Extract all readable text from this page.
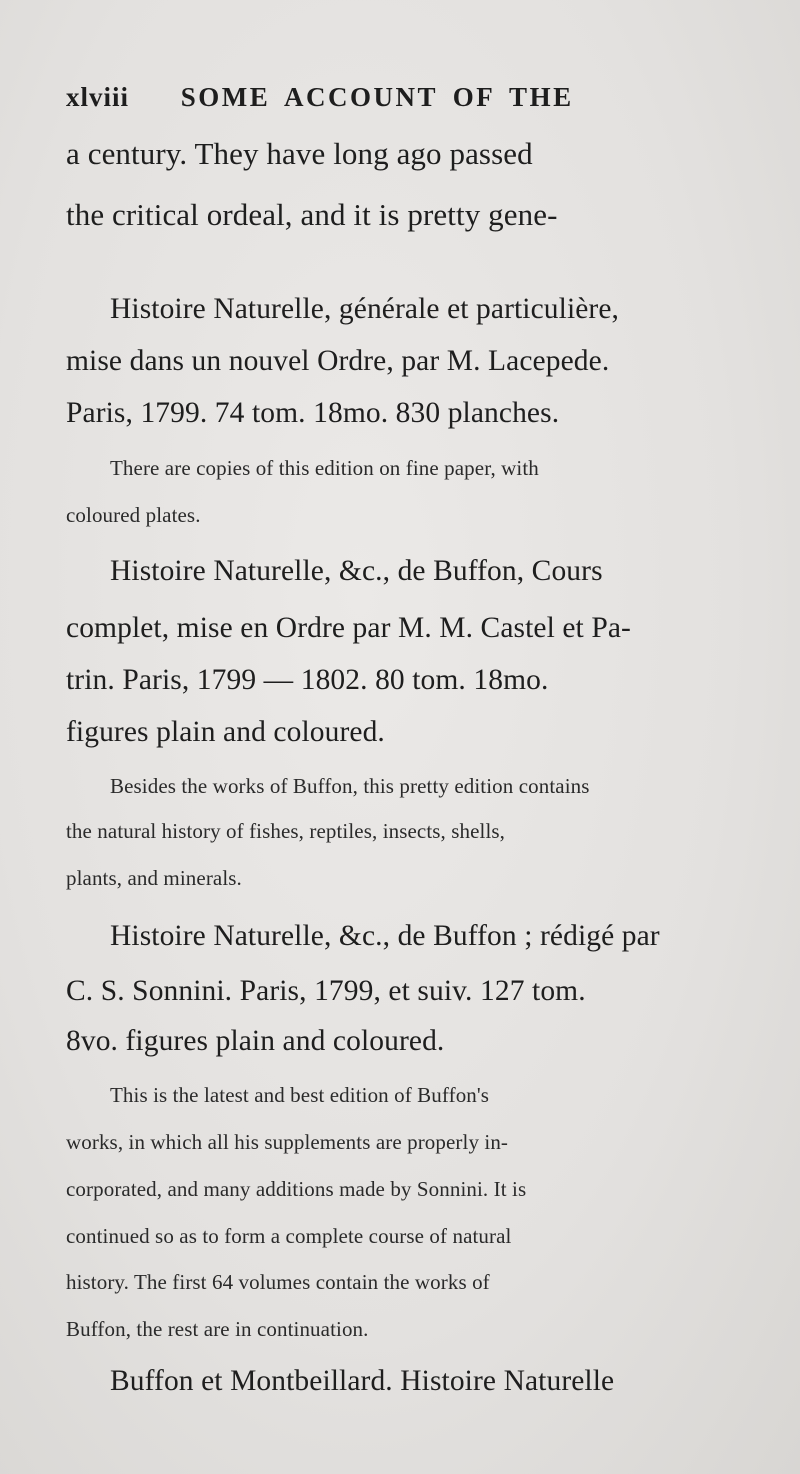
xlviii SOME ACCOUNT OF THE

a century. They have long ago passed

the critical ordeal, and it is pretty gene-

Histoire Naturelle, générale et particulière,

mise dans un nouvel Ordre, par M. Lacepede.

Paris, 1799. 74 tom. 18mo. 830 planches.

There are copies of this edition on fine paper, with

coloured plates.

Histoire Naturelle, &c., de Buffon, Cours

complet, mise en Ordre par M. M. Castel et Pa-

trin. Paris, 1799 — 1802. 80 tom. 18mo.

figures plain and coloured.

Besides the works of Buffon, this pretty edition contains

the natural history of fishes, reptiles, insects, shells,

plants, and minerals.

Histoire Naturelle, &c., de Buffon ; rédigé par

C. S. Sonnini. Paris, 1799, et suiv. 127 tom.

8vo. figures plain and coloured.

This is the latest and best edition of Buffon's

works, in which all his supplements are properly in-

corporated, and many additions made by Sonnini. It is

continued so as to form a complete course of natural

history. The first 64 volumes contain the works of

Buffon, the rest are in continuation.

Buffon et Montbeillard. Histoire Naturelle
